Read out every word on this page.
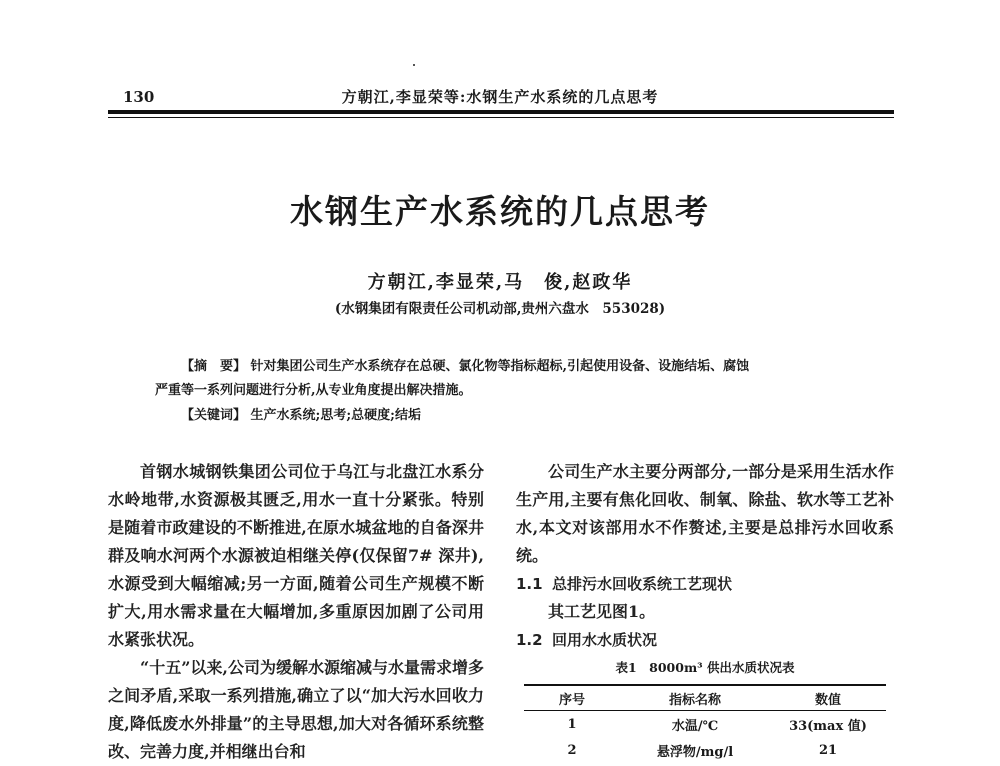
130	方朝江,李显荣等:水钢生产水系统的几点思考
水钢生产水系统的几点思考
方朝江,李显荣,马　俊,赵政华
(水钢集团有限责任公司机动部,贵州六盘水　553028)

【摘　要】 针对集团公司生产水系统存在总硬、氯化物等指标超标,引起使用设备、设施结垢、腐蚀

严重等一系列问题进行分析,从专业角度提出解决措施。

【关键词】 生产水系统;思考;总硬度;结垢

首钢水城钢铁集团公司位于乌江与北盘江水系分水岭地带,水资源极其匮乏,用水一直十分紧张。特别是随着市政建设的不断推进,在原水城盆地的自备深井群及响水河两个水源被迫相继关停(仅保留7# 深井),水源受到大幅缩减;另一方面,随着公司生产规模不断扩大,用水需求量在大幅增加,多重原因加剧了公司用水紧张状况。

“十五”以来,公司为缓解水源缩减与水量需求增多之间矛盾,采取一系列措施,确立了以“加大污水回收力度,降低废水外排量”的主导思想,加大对各循环系统整改、完善力度,并相继出台和

公司生产水主要分两部分,一部分是采用生活水作生产用,主要有焦化回收、制氧、除盐、软水等工艺补水,本文对该部用水不作赘述,主要是总排污水回收系统。

1.1 总排污水回收系统工艺现状

其工艺见图1。

1.2 回用水水质状况
表1　8000m³ 供出水质状况表
序号	指标名称	数值
1	水温/℃	33(max 值)
2	悬浮物/mg/l	21
